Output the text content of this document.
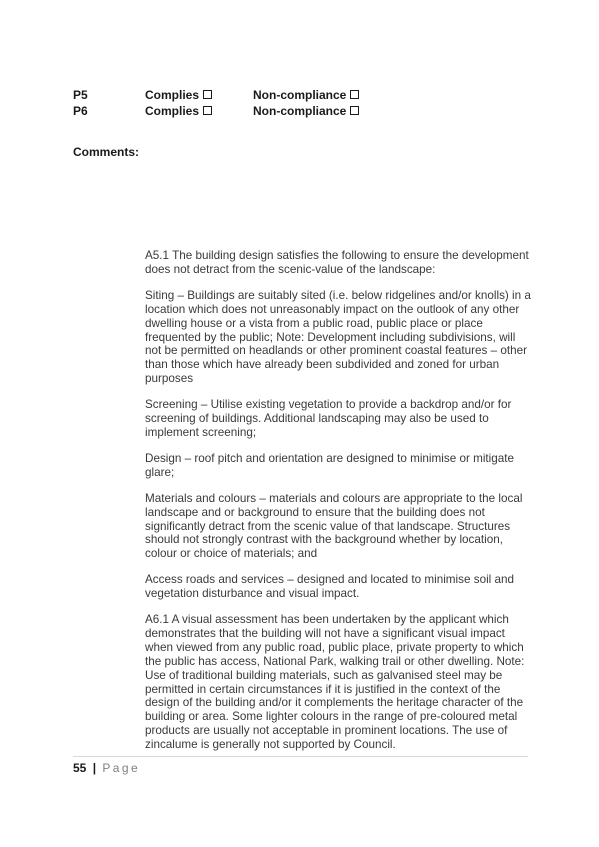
P5	Complies	Non-compliance
P6	Complies	Non-compliance
Comments:

A5.1 The building design satisfies the following to ensure the development does not detract from the scenic-value of the landscape:

Siting – Buildings are suitably sited (i.e. below ridgelines and/or knolls) in a location which does not unreasonably impact on the outlook of any other dwelling house or a vista from a public road, public place or place frequented by the public; Note: Development including subdivisions, will not be permitted on headlands or other prominent coastal features – other than those which have already been subdivided and zoned for urban purposes

Screening – Utilise existing vegetation to provide a backdrop and/or for screening of buildings. Additional landscaping may also be used to implement screening;

Design – roof pitch and orientation are designed to minimise or mitigate glare;

Materials and colours – materials and colours are appropriate to the local landscape and or background to ensure that the building does not significantly detract from the scenic value of that landscape. Structures should not strongly contrast with the background whether by location, colour or choice of materials; and

Access roads and services – designed and located to minimise soil and vegetation disturbance and visual impact.

A6.1 A visual assessment has been undertaken by the applicant which demonstrates that the building will not have a significant visual impact when viewed from any public road, public place, private property to which the public has access, National Park, walking trail or other dwelling. Note: Use of traditional building materials, such as galvanised steel may be permitted in certain circumstances if it is justified in the context of the design of the building and/or it complements the heritage character of the building or area. Some lighter colours in the range of pre-coloured metal products are usually not acceptable in prominent locations. The use of zincalume is generally not supported by Council.

55 | Page
